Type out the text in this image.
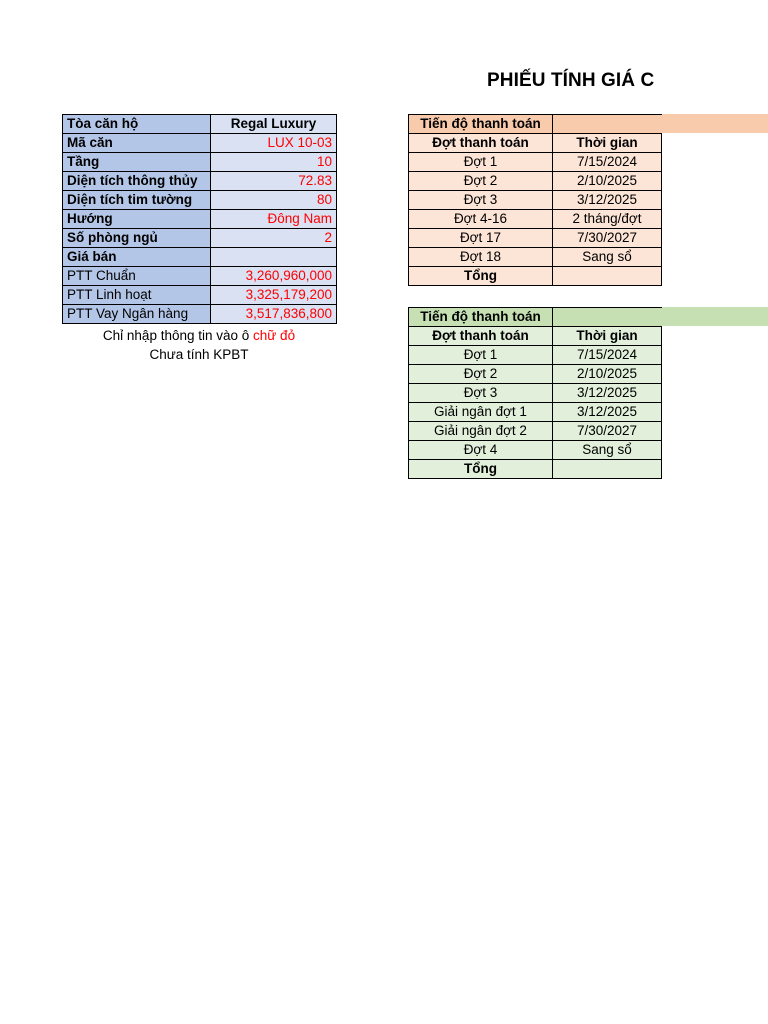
PHIẾU TÍNH GIÁ C
Tòa căn hộ	Regal Luxury
Mã căn	LUX 10-03
Tầng	10
Diện tích thông thủy	72.83
Diện tích tim tường	80
Hướng	Đông Nam
Số phòng ngủ	2
Giá bán	
PTT Chuẩn	3,260,960,000
PTT Linh hoạt	3,325,179,200
PTT Vay Ngân hàng	3,517,836,800
Chỉ nhập thông tin vào ô chữ đỏ
Chưa tính KPBT
Tiến độ thanh toán	
Đợt thanh toán	Thời gian
Đợt 1	7/15/2024
Đợt 2	2/10/2025
Đợt 3	3/12/2025
Đợt 4-16	2 tháng/đợt
Đợt 17	7/30/2027
Đợt 18	Sang sổ
Tổng	
Tiến độ thanh toán	
Đợt thanh toán	Thời gian
Đợt 1	7/15/2024
Đợt 2	2/10/2025
Đợt 3	3/12/2025
Giải ngân đợt 1	3/12/2025
Giải ngân đợt 2	7/30/2027
Đợt 4	Sang sổ
Tổng	
